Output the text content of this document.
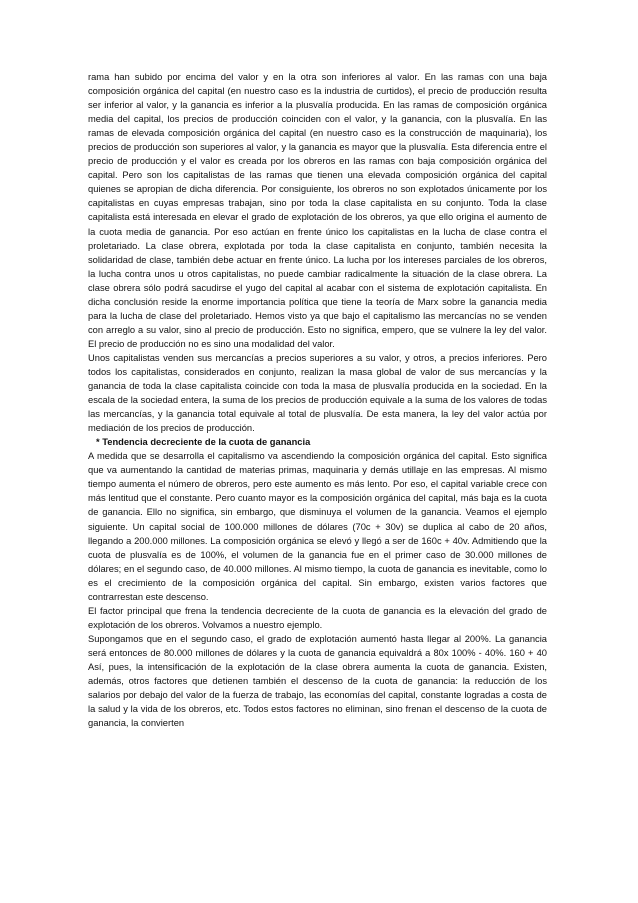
rama han subido por encima del valor y en la otra son inferiores al valor. En las ramas con una baja composición orgánica del capital (en nuestro caso es la industria de curtidos), el precio de producción resulta ser inferior al valor, y la ganancia es inferior a la plusvalía producida. En las ramas de composición orgánica media del capital, los precios de producción coinciden con el valor, y la ganancia, con la plusvalía. En las ramas de elevada composición orgánica del capital (en nuestro caso es la construcción de maquinaria), los precios de producción son superiores al valor, y la ganancia es mayor que la plusvalía. Esta diferencia entre el precio de producción y el valor es creada por los obreros en las ramas con baja composición orgánica del capital. Pero son los capitalistas de las ramas que tienen una elevada composición orgánica del capital quienes se apropian de dicha diferencia. Por consiguiente, los obreros no son explotados únicamente por los capitalistas en cuyas empresas trabajan, sino por toda la clase capitalista en su conjunto. Toda la clase capitalista está interesada en elevar el grado de explotación de los obreros, ya que ello origina el aumento de la cuota media de ganancia. Por eso actúan en frente único los capitalistas en la lucha de clase contra el proletariado. La clase obrera, explotada por toda la clase capitalista en conjunto, también necesita la solidaridad de clase, también debe actuar en frente único. La lucha por los intereses parciales de los obreros, la lucha contra unos u otros capitalistas, no puede cambiar radicalmente la situación de la clase obrera. La clase obrera sólo podrá sacudirse el yugo del capital al acabar con el sistema de explotación capitalista. En dicha conclusión reside la enorme importancia política que tiene la teoría de Marx sobre la ganancia media para la lucha de clase del proletariado. Hemos visto ya que bajo el capitalismo las mercancías no se venden con arreglo a su valor, sino al precio de producción. Esto no significa, empero, que se vulnere la ley del valor. El precio de producción no es sino una modalidad del valor.

Unos capitalistas venden sus mercancías a precios superiores a su valor, y otros, a precios inferiores. Pero todos los capitalistas, considerados en conjunto, realizan la masa global de valor de sus mercancías y la ganancia de toda la clase capitalista coincide con toda la masa de plusvalía producida en la sociedad. En la escala de la sociedad entera, la suma de los precios de producción equivale a la suma de los valores de todas las mercancías, y la ganancia total equivale al total de plusvalía. De esta manera, la ley del valor actúa por mediación de los precios de producción.

* Tendencia decreciente de la cuota de ganancia

A medida que se desarrolla el capitalismo va ascendiendo la composición orgánica del capital. Esto significa que va aumentando la cantidad de materias primas, maquinaria y demás utillaje en las empresas. Al mismo tiempo aumenta el número de obreros, pero este aumento es más lento. Por eso, el capital variable crece con más lentitud que el constante. Pero cuanto mayor es la composición orgánica del capital, más baja es la cuota de ganancia. Ello no significa, sin embargo, que disminuya el volumen de la ganancia. Veamos el ejemplo siguiente. Un capital social de 100.000 millones de dólares (70c + 30v) se duplica al cabo de 20 años, llegando a 200.000 millones. La composición orgánica se elevó y llegó a ser de 160c + 40v. Admitiendo que la cuota de plusvalía es de 100%, el volumen de la ganancia fue en el primer caso de 30.000 millones de dólares; en el segundo caso, de 40.000 millones. Al mismo tiempo, la cuota de ganancia es inevitable, como lo es el crecimiento de la composición orgánica del capital. Sin embargo, existen varios factores que contrarrestan este descenso.

El factor principal que frena la tendencia decreciente de la cuota de ganancia es la elevación del grado de explotación de los obreros. Volvamos a nuestro ejemplo.

Supongamos que en el segundo caso, el grado de explotación aumentó hasta llegar al 200%. La ganancia será entonces de 80.000 millones de dólares y la cuota de ganancia equivaldrá a 80x 100% - 40%. 160 + 40 Así, pues, la intensificación de la explotación de la clase obrera aumenta la cuota de ganancia. Existen, además, otros factores que detienen también el descenso de la cuota de ganancia: la reducción de los salarios por debajo del valor de la fuerza de trabajo, las economías del capital, constante logradas a costa de la salud y la vida de los obreros, etc. Todos estos factores no eliminan, sino frenan el descenso de la cuota de ganancia, la convierten
